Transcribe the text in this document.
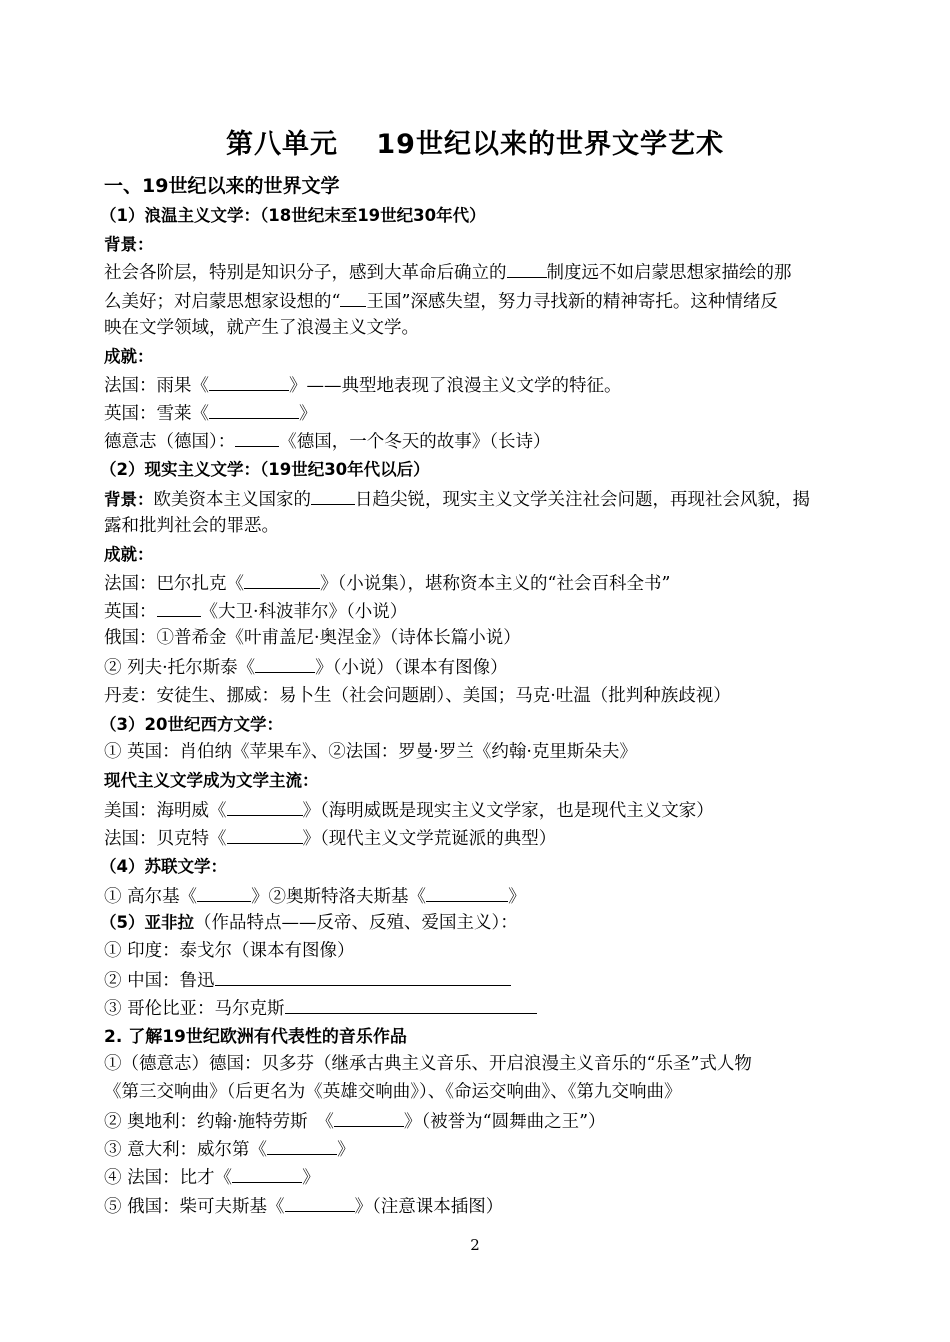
第八单元　 19世纪以来的世界文学艺术
一、19世纪以来的世界文学
（1）浪温主义文学：（18世纪末至19世纪30年代）
背景：
社会各阶层，特别是知识分子，感到大革命后确立的 制度远不如启蒙思想家描绘的那
么美好；对启蒙思想家设想的“ 王国”深感失望，努力寻找新的精神寄托。这种情绪反
映在文学领域，就产生了浪漫主义文学。
成就：
法国：雨果《	》——典型地表现了浪漫主义文学的特征。
英国：雪莱《	》
德意志（德国）：	《德国，一个冬天的故事》（长诗）
（2）现实主义文学：（19世纪30年代以后）
背景：欧美资本主义国家的	日趋尖锐，现实主义文学关注社会问题，再现社会风貌，揭
露和批判社会的罪恶。
成就：
法国：巴尔扎克《	》（小说集），堪称资本主义的“社会百科全书”
英国：	《大卫·科波菲尔》（小说）
俄国：①普希金《叶甫盖尼·奥涅金》（诗体长篇小说）
② 列夫·托尔斯泰《	》（小说）（课本有图像）
丹麦：安徒生、挪威：易卜生（社会问题剧）、美国；马克·吐温（批判种族歧视）
（3）20世纪西方文学：
① 英国：肖伯纳《苹果车》、②法国：罗曼·罗兰《约翰·克里斯朵夫》
现代主义文学成为文学主流：
美国：海明威《	》（海明威既是现实主义文学家，也是现代主义文家）
法国：贝克特《	》（现代主义文学荒诞派的典型）
（4）苏联文学：
① 高尔基《	》②奥斯特洛夫斯基《	》
（5）亚非拉（作品特点——反帝、反殖、爱国主义）：
① 印度：泰戈尔（课本有图像）
② 中国：鲁迅
③ 哥伦比亚：马尔克斯
2. 了解19世纪欧洲有代表性的音乐作品
①（德意志）德国：贝多芬（继承古典主义音乐、开启浪漫主义音乐的“乐圣”式人物
《第三交响曲》（后更名为《英雄交响曲》）、《命运交响曲》、《第九交响曲》
② 奥地利：约翰·施特劳斯　《	》（被誉为“圆舞曲之王”）
③ 意大利：威尔第《	》
④ 法国：比才《	》
⑤ 俄国：柴可夫斯基《	》（注意课本插图）
2
